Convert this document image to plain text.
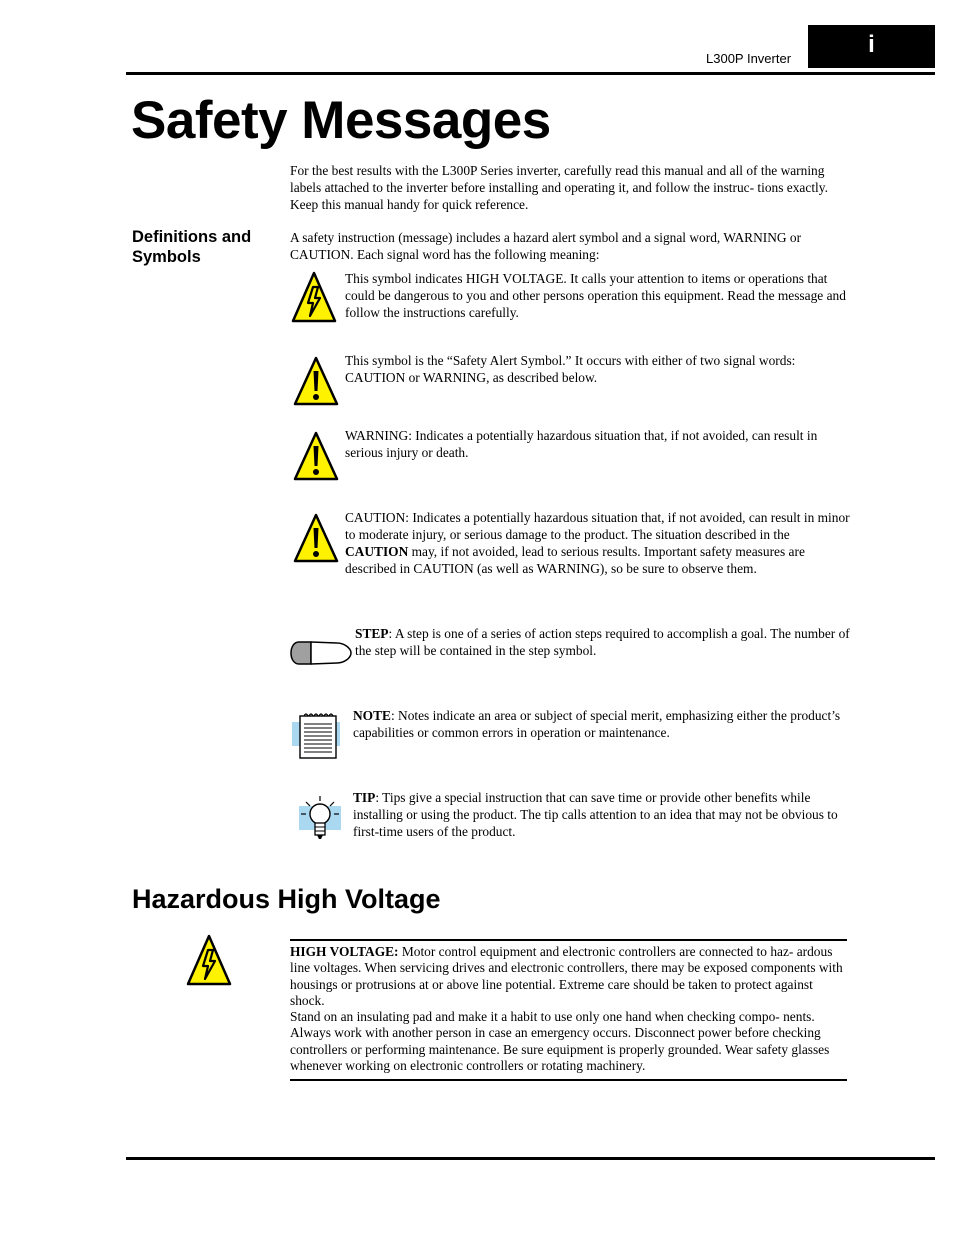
L300P Inverter
i
Safety Messages
For the best results with the L300P Series inverter, carefully read this manual and all of the warning labels attached to the inverter before installing and operating it, and follow the instruc- tions exactly. Keep this manual handy for quick reference.
Definitions and Symbols
A safety instruction (message) includes a hazard alert symbol and a signal word, WARNING or CAUTION. Each signal word has the following meaning:
This symbol indicates HIGH VOLTAGE. It calls your attention to items or operations that could be dangerous to you and other persons operation this equipment. Read the message and follow the instructions carefully.
This symbol is the “Safety Alert Symbol.” It occurs with either of two signal words: CAUTION or WARNING, as described below.
WARNING: Indicates a potentially hazardous situation that, if not avoided, can result in serious injury or death.
CAUTION: Indicates a potentially hazardous situation that, if not avoided, can result in minor to moderate injury, or serious damage to the product. The situation described in the CAUTION may, if not avoided, lead to serious results. Important safety measures are described in CAUTION (as well as WARNING), so be sure to observe them.
STEP: A step is one of a series of action steps required to accomplish a goal. The number of the step will be contained in the step symbol.
NOTE: Notes indicate an area or subject of special merit, emphasizing either the product’s capabilities or common errors in operation or maintenance.
TIP: Tips give a special instruction that can save time or provide other benefits while installing or using the product. The tip calls attention to an idea that may not be obvious to first-time users of the product.
Hazardous High Voltage

HIGH VOLTAGE: Motor control equipment and electronic controllers are connected to haz- ardous line voltages. When servicing drives and electronic controllers, there may be exposed components with housings or protrusions at or above line potential. Extreme care should be taken to protect against shock.

Stand on an insulating pad and make it a habit to use only one hand when checking compo- nents. Always work with another person in case an emergency occurs. Disconnect power before checking controllers or performing maintenance. Be sure equipment is properly grounded. Wear safety glasses whenever working on electronic controllers or rotating machinery.
